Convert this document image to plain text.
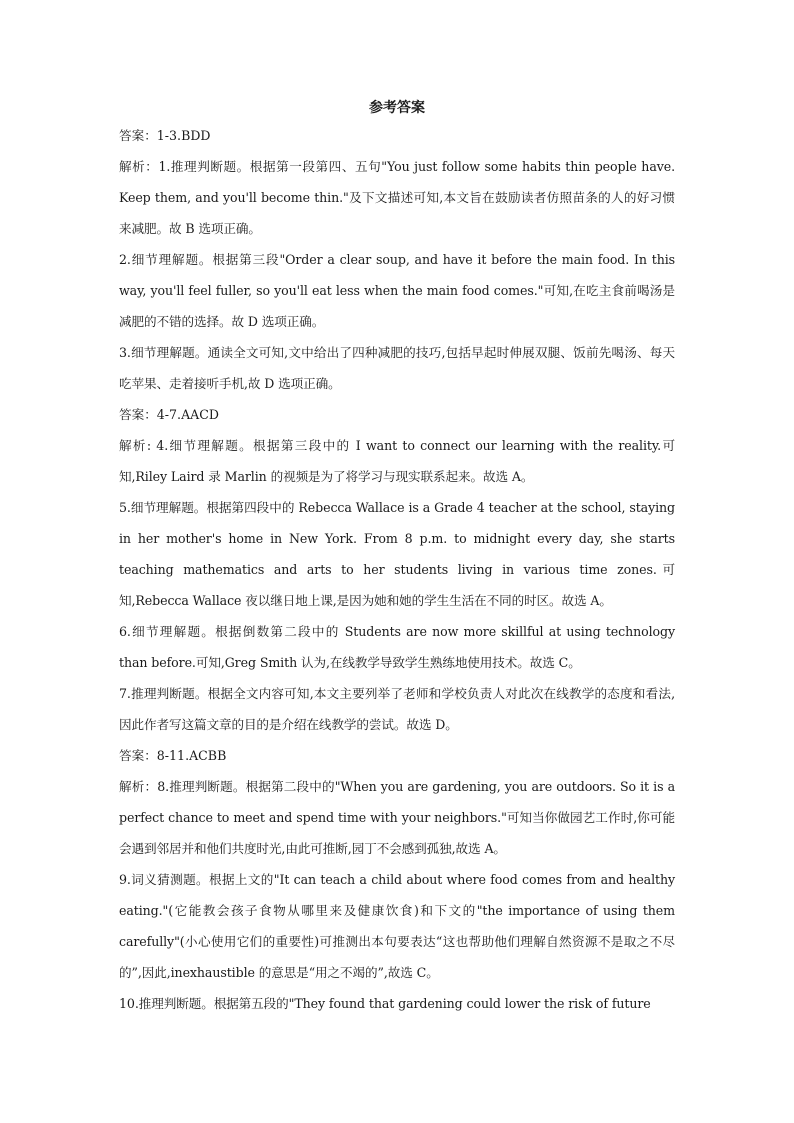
参考答案

答案：1-3.BDD

解析：1.推理判断题。根据第一段第四、五句"You just follow some habits thin people have. Keep them, and you'll become thin."及下文描述可知,本文旨在鼓励读者仿照苗条的人的好习惯来减肥。故 B 选项正确。

2.细节理解题。根据第三段"Order a clear soup, and have it before the main food. In this way, you'll feel fuller, so you'll eat less when the main food comes."可知,在吃主食前喝汤是减肥的不错的选择。故 D 选项正确。

3.细节理解题。通读全文可知,文中给出了四种减肥的技巧,包括早起时伸展双腿、饭前先喝汤、每天吃苹果、走着接听手机,故 D 选项正确。

答案：4-7.AACD

解析: 4.细节理解题。根据第三段中的 I want to connect our learning with the reality.可知,Riley Laird 录 Marlin 的视频是为了将学习与现实联系起来。故选 A。

5.细节理解题。根据第四段中的 Rebecca Wallace is a Grade 4 teacher at the school, staying in her mother's home in New York. From 8 p.m. to midnight every day, she starts teaching mathematics and arts to her students living in various time zones.可知,Rebecca Wallace 夜以继日地上课,是因为她和她的学生生活在不同的时区。故选 A。

6.细节理解题。根据倒数第二段中的 Students are now more skillful at using technology than before.可知,Greg Smith 认为,在线教学导致学生熟练地使用技术。故选 C。

7.推理判断题。根据全文内容可知,本文主要列举了老师和学校负责人对此次在线教学的态度和看法,因此作者写这篇文章的目的是介绍在线教学的尝试。故选 D。

答案：8-11.ACBB

解析：8.推理判断题。根据第二段中的"When you are gardening, you are outdoors. So it is a perfect chance to meet and spend time with your neighbors."可知当你做园艺工作时,你可能会遇到邻居并和他们共度时光,由此可推断,园丁不会感到孤独,故选 A。

9.词义猜测题。根据上文的"It can teach a child about where food comes from and healthy eating."(它能教会孩子食物从哪里来及健康饮食)和下文的"the importance of using them carefully"(小心使用它们的重要性)可推测出本句要表达“这也帮助他们理解自然资源不是取之不尽的”,因此,inexhaustible 的意思是“用之不竭的”,故选 C。

10.推理判断题。根据第五段的"They found that gardening could lower the risk of future
